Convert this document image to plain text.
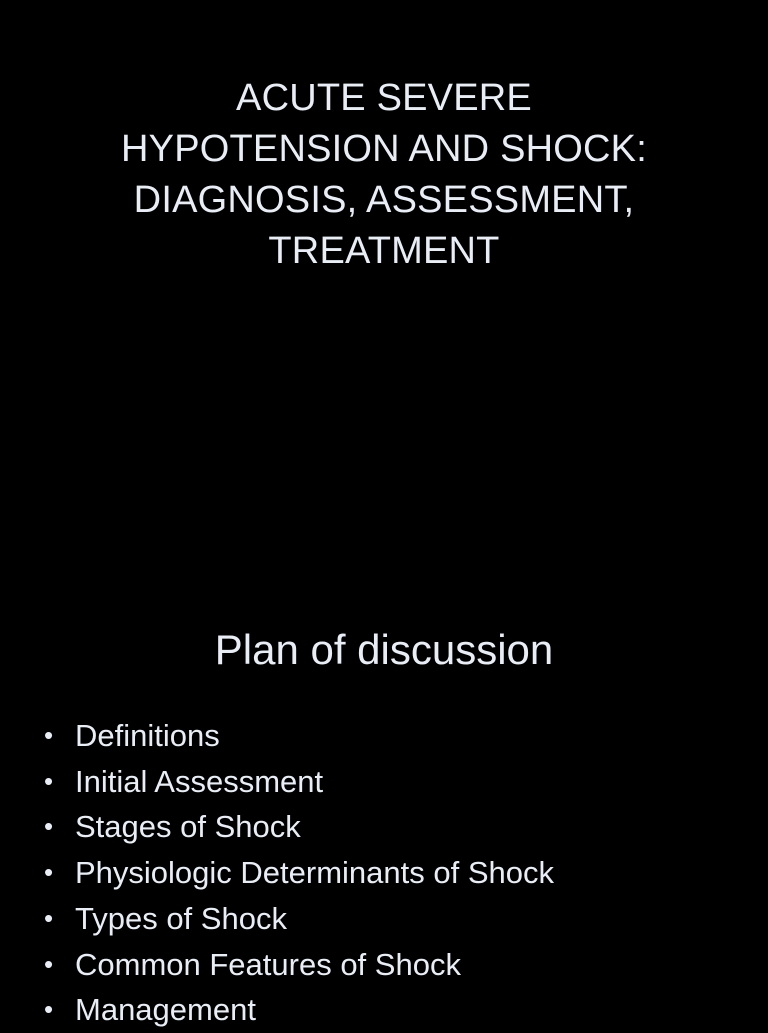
ACUTE SEVERE
HYPOTENSION AND SHOCK:
DIAGNOSIS, ASSESSMENT,
TREATMENT
Plan of discussion
• Definitions
• Initial Assessment
• Stages of Shock
• Physiologic Determinants of Shock
• Types of Shock
• Common Features of Shock
• Management
